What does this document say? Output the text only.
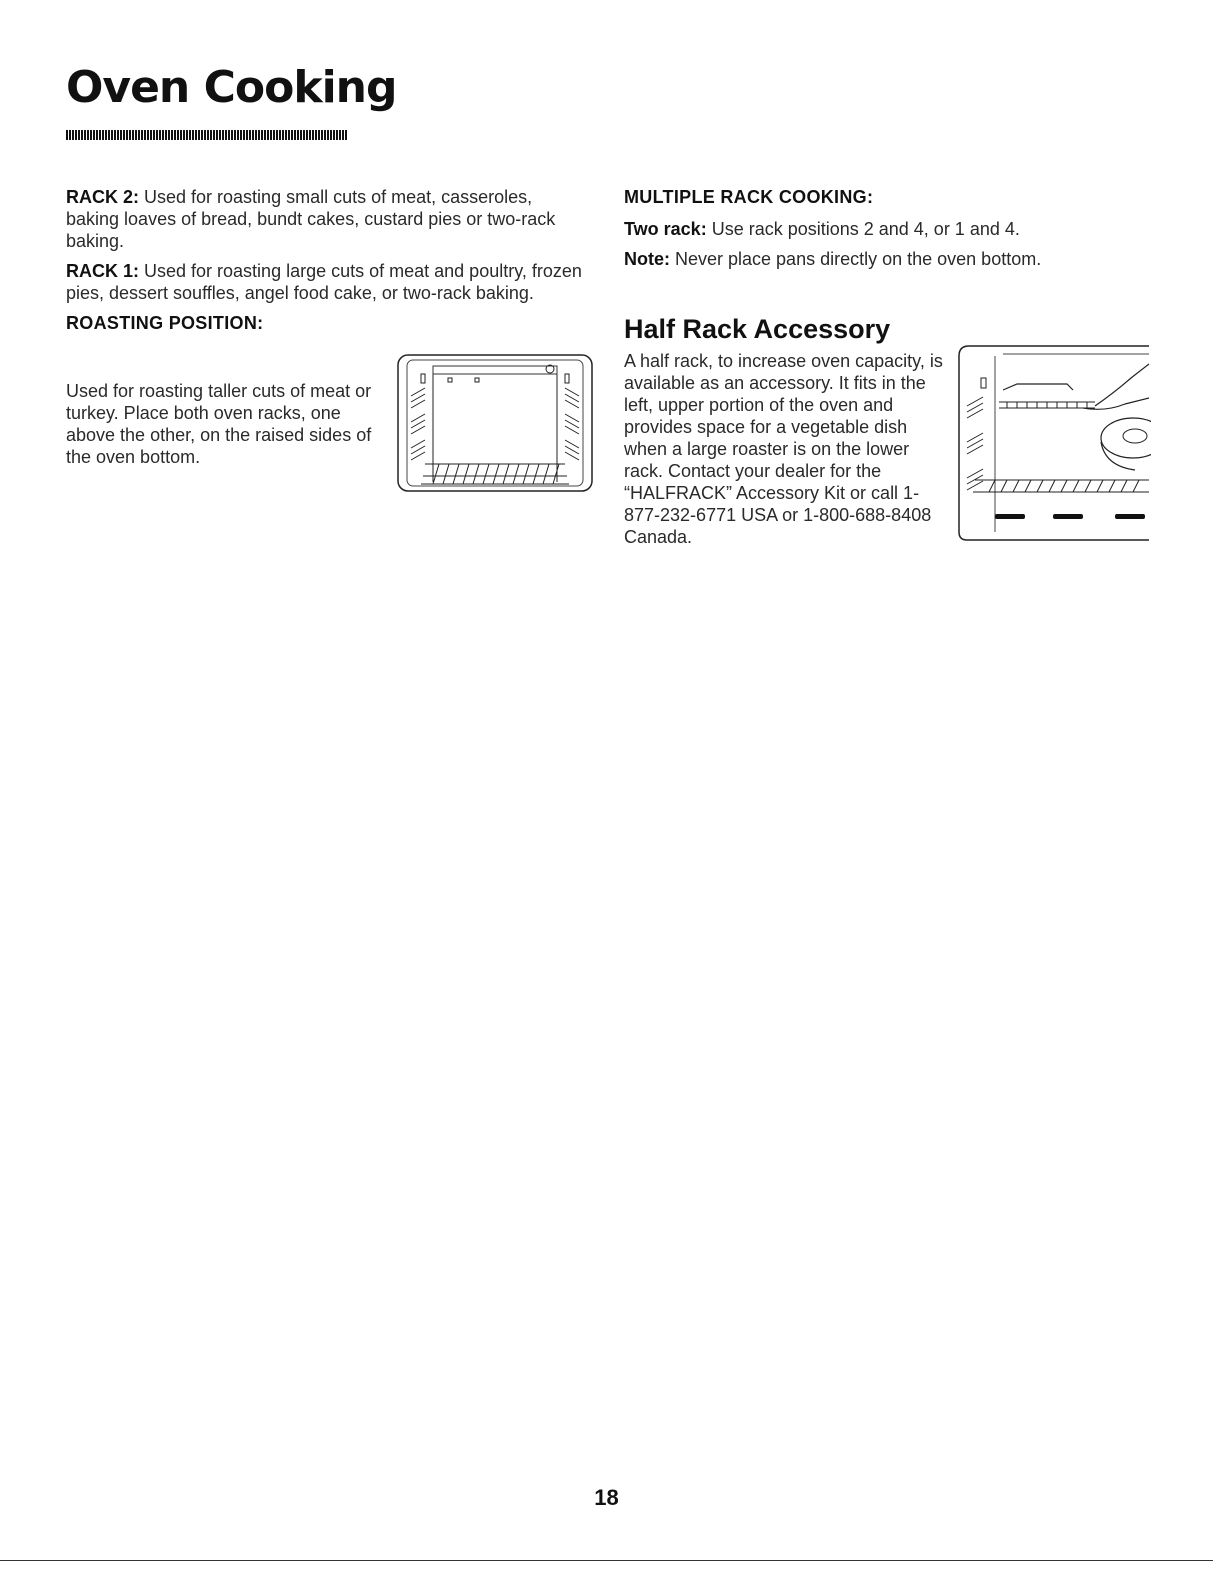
Oven Cooking

RACK 2: Used for roasting small cuts of meat, casseroles, baking loaves of bread, bundt cakes, custard pies or two-rack baking.

RACK 1: Used for roasting large cuts of meat and poultry, frozen pies, dessert souffles, angel food cake, or two-rack baking.

ROASTING POSITION:
Used for roasting taller cuts of meat or turkey. Place both oven racks, one above the other, on the raised sides of the oven bottom.
MULTIPLE RACK COOKING:

Two rack: Use rack positions 2 and 4, or 1 and 4.

Note: Never place pans directly on the oven bottom.

Half Rack Accessory
A half rack, to increase oven capacity, is available as an accessory. It fits in the left, upper portion of the oven and provides space for a vegetable dish when a large roaster is on the lower rack. Contact your dealer for the “HALFRACK” Accessory Kit or call 1-877-232-6771 USA or 1-800-688-8408 Canada.
18
